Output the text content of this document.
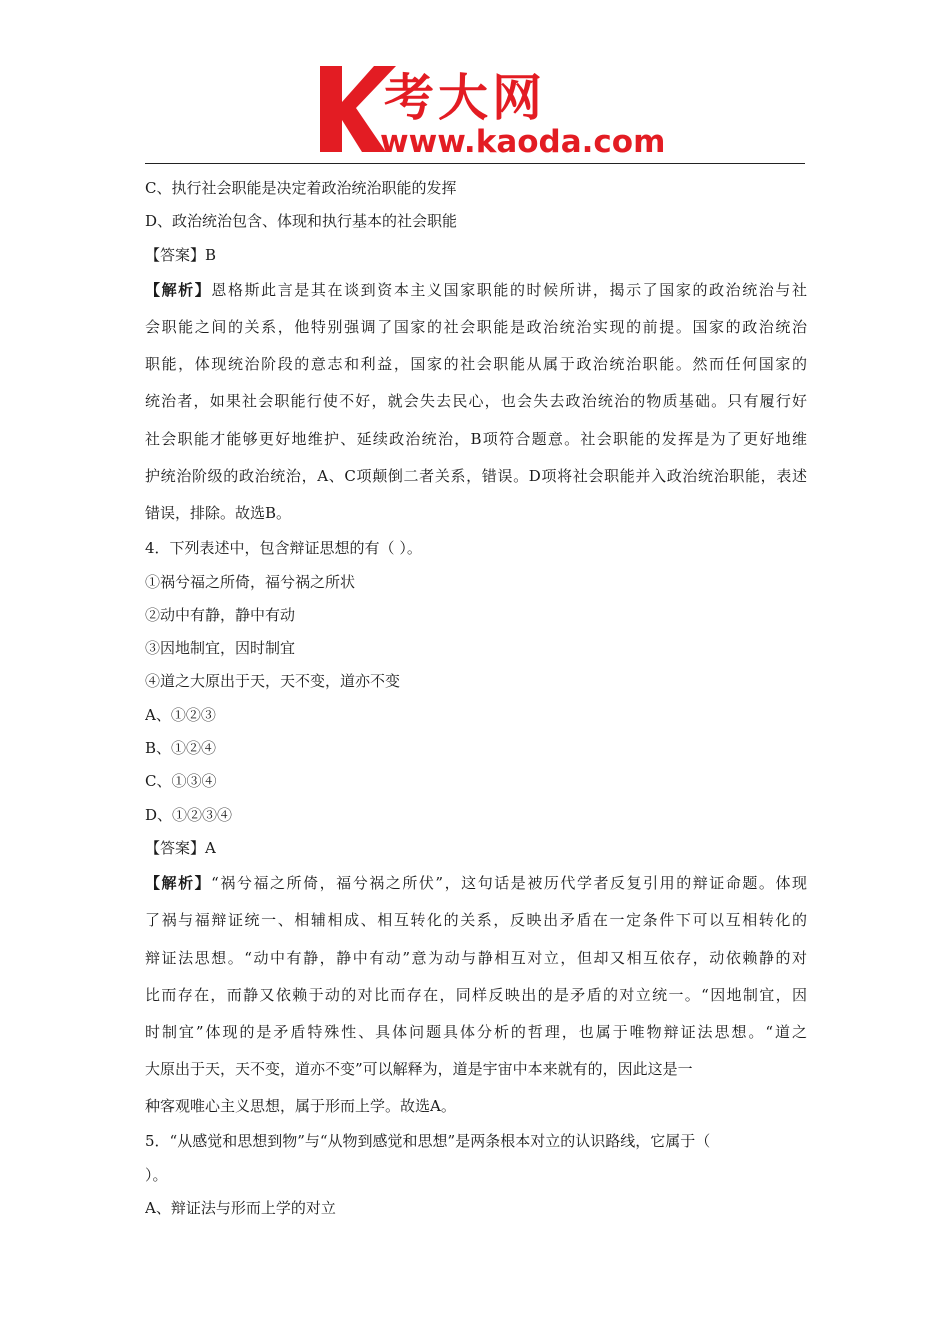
考大网
www.kaoda.com
C、执行社会职能是决定着政治统治职能的发挥
D、政治统治包含、体现和执行基本的社会职能
【答案】B
【解析】恩格斯此言是其在谈到资本主义国家职能的时候所讲，揭示了国家的政治统治与社
会职能之间的关系，他特别强调了国家的社会职能是政治统治实现的前提。国家的政治统治
职能，体现统治阶段的意志和利益，国家的社会职能从属于政治统治职能。然而任何国家的
统治者，如果社会职能行使不好，就会失去民心，也会失去政治统治的物质基础。只有履行好
社会职能才能够更好地维护、延续政治统治，B项符合题意。社会职能的发挥是为了更好地维
护统治阶级的政治统治，A、C项颠倒二者关系，错误。D项将社会职能并入政治统治职能，表述
错误，排除。故选B。
4．下列表述中，包含辩证思想的有（ ）。
①祸兮福之所倚，福兮祸之所状
②动中有静，静中有动
③因地制宜，因时制宜
④道之大原出于天，天不变，道亦不变
A、①②③
B、①②④
C、①③④
D、①②③④
【答案】A
【解析】“祸兮福之所倚，福兮祸之所伏”，这句话是被历代学者反复引用的辩证命题。体现
了祸与福辩证统一、相辅相成、相互转化的关系，反映出矛盾在一定条件下可以互相转化的
辩证法思想。“动中有静，静中有动”意为动与静相互对立，但却又相互依存，动依赖静的对
比而存在，而静又依赖于动的对比而存在，同样反映出的是矛盾的对立统一。“因地制宜，因
时制宜”体现的是矛盾特殊性、具体问题具体分析的哲理，也属于唯物辩证法思想。“道之
大原出于天，天不变，道亦不变”可以解释为，道是宇宙中本来就有的，因此这是一
种客观唯心主义思想，属于形而上学。故选A。
5．“从感觉和思想到物”与“从物到感觉和思想”是两条根本对立的认识路线，它属于（
）。
A、辩证法与形而上学的对立
